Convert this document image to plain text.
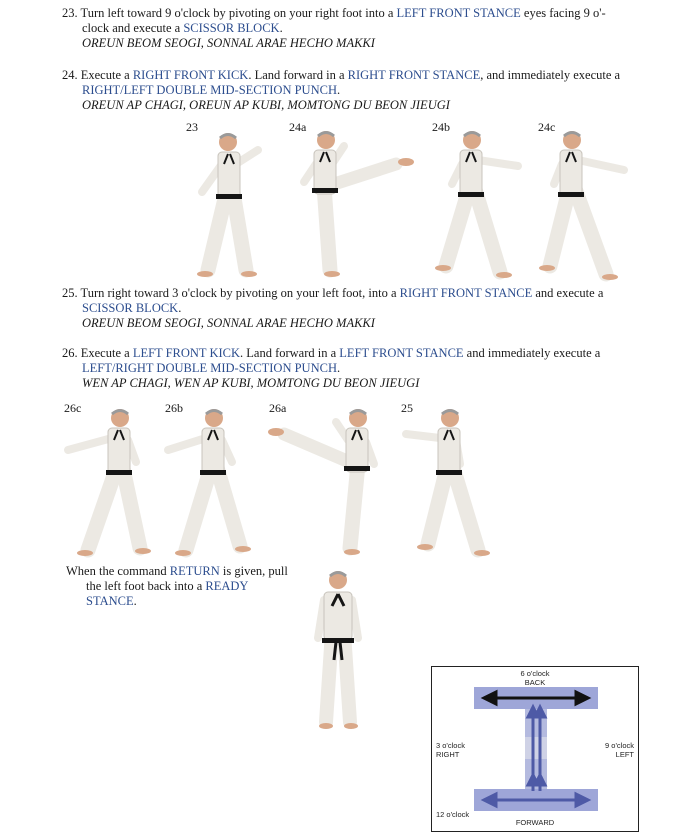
23. Turn left toward 9 o'clock by pivoting on your right foot into a LEFT FRONT STANCE eyes facing 9 o'-
clock and execute a SCISSOR BLOCK.
OREUN BEOM SEOGI, SONNAL ARAE HECHO MAKKI
24. Execute a RIGHT FRONT KICK. Land forward in a RIGHT FRONT STANCE, and immediately execute a
RIGHT/LEFT DOUBLE MID-SECTION PUNCH.
OREUN AP CHAGI, OREUN AP KUBI, MOMTONG DU BEON JIEUGI
23	24a	24b	24c
25. Turn right toward 3 o'clock by pivoting on your left foot, into a RIGHT FRONT STANCE and execute a
SCISSOR BLOCK.
OREUN BEOM SEOGI, SONNAL ARAE HECHO MAKKI
26. Execute a LEFT FRONT KICK. Land forward in a LEFT FRONT STANCE and immediately execute a
LEFT/RIGHT DOUBLE MID-SECTION PUNCH.
WEN AP CHAGI, WEN AP KUBI, MOMTONG DU BEON JIEUGI
26c	26b	26a	25
When the command RETURN is given, pull
the left foot back into a READY
STANCE.
6 o'clock
BACK
3 o'clock
RIGHT
9 o'clock
LEFT
12 o'clock
FORWARD
